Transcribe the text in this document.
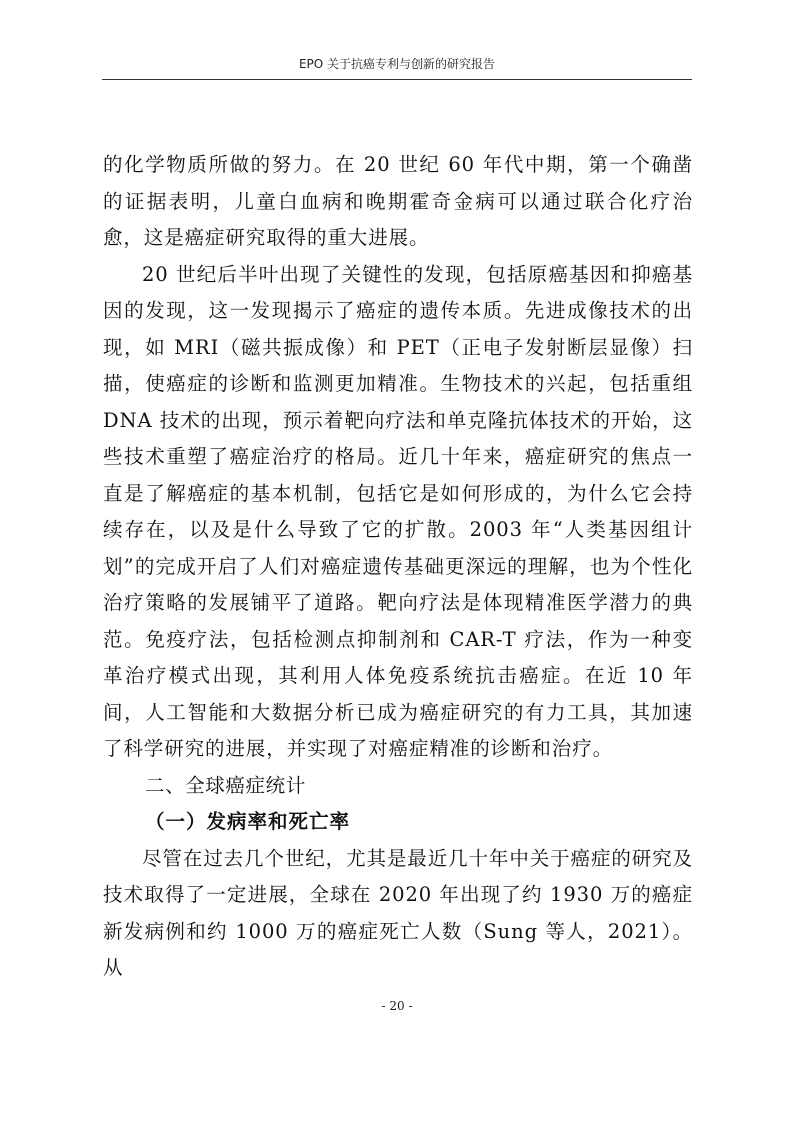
EPO 关于抗癌专利与创新的研究报告

的化学物质所做的努力。在 20 世纪 60 年代中期，第一个确凿的证据表明，儿童白血病和晚期霍奇金病可以通过联合化疗治愈，这是癌症研究取得的重大进展。

20 世纪后半叶出现了关键性的发现，包括原癌基因和抑癌基因的发现，这一发现揭示了癌症的遗传本质。先进成像技术的出现，如 MRI（磁共振成像）和 PET（正电子发射断层显像）扫描，使癌症的诊断和监测更加精准。生物技术的兴起，包括重组 DNA 技术的出现，预示着靶向疗法和单克隆抗体技术的开始，这些技术重塑了癌症治疗的格局。近几十年来，癌症研究的焦点一直是了解癌症的基本机制，包括它是如何形成的，为什么它会持续存在，以及是什么导致了它的扩散。2003 年“人类基因组计划”的完成开启了人们对癌症遗传基础更深远的理解，也为个性化治疗策略的发展铺平了道路。靶向疗法是体现精准医学潜力的典范。免疫疗法，包括检测点抑制剂和 CAR-T 疗法，作为一种变革治疗模式出现，其利用人体免疫系统抗击癌症。在近 10 年间，人工智能和大数据分析已成为癌症研究的有力工具，其加速了科学研究的进展，并实现了对癌症精准的诊断和治疗。

二、全球癌症统计
（一）发病率和死亡率

尽管在过去几个世纪，尤其是最近几十年中关于癌症的研究及技术取得了一定进展，全球在 2020 年出现了约 1930 万的癌症新发病例和约 1000 万的癌症死亡人数（Sung 等人，2021）。从

- 20 -
